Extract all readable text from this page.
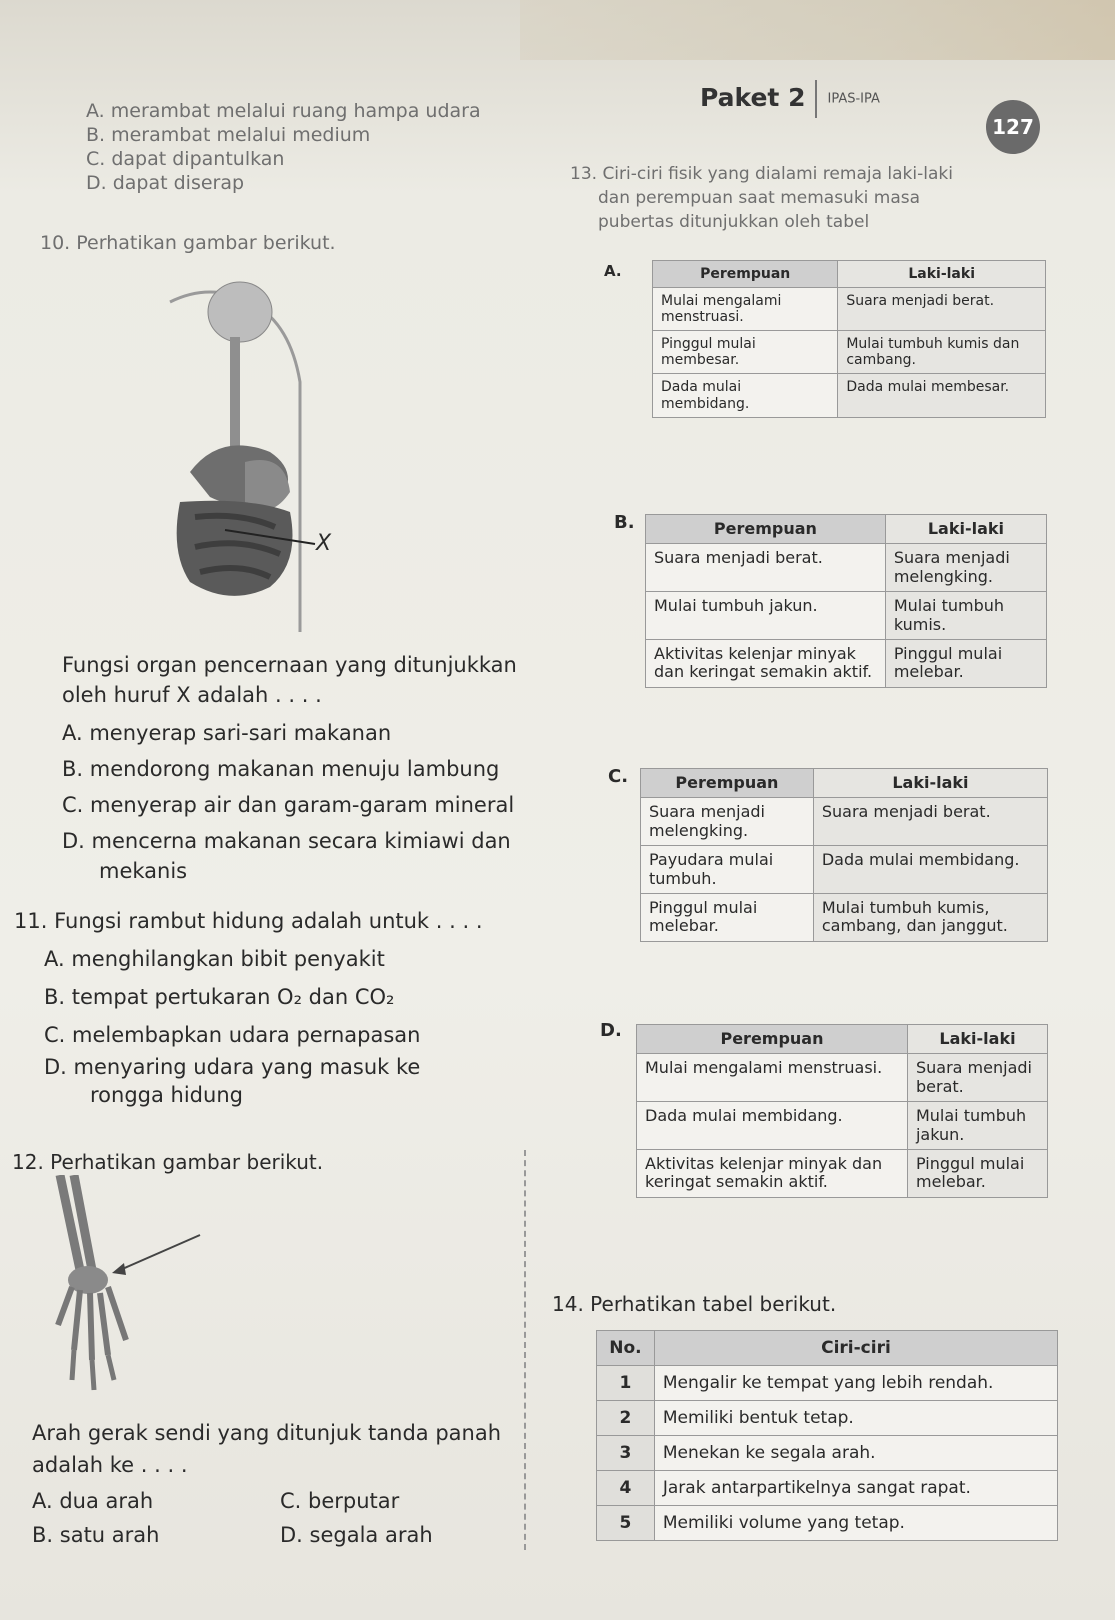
Paket 2 IPAS-IPA
127
A. merambat melalui ruang hampa udara
B. merambat melalui medium
C. dapat dipantulkan
D. dapat diserap
10. Perhatikan gambar berikut.
X
Fungsi organ pencernaan yang ditunjukkan
oleh huruf X adalah . . . .
A. menyerap sari-sari makanan
B. mendorong makanan menuju lambung
C. menyerap air dan garam-garam mineral
D. mencerna makanan secara kimiawi dan
mekanis
11. Fungsi rambut hidung adalah untuk . . . .
A. menghilangkan bibit penyakit
B. tempat pertukaran O₂ dan CO₂
C. melembapkan udara pernapasan
D. menyaring udara yang masuk ke
rongga hidung
12. Perhatikan gambar berikut.
Arah gerak sendi yang ditunjuk tanda panah
adalah ke . . . .
A. dua arah
B. satu arah
C. berputar
D. segala arah
13. Ciri-ciri fisik yang dialami remaja laki-laki
dan perempuan saat memasuki masa
pubertas ditunjukkan oleh tabel
A.	Perempuan	Laki-laki
Mulai mengalami menstruasi.	Suara menjadi berat.
Pinggul mulai membesar.	Mulai tumbuh kumis dan cambang.
Dada mulai membidang.	Dada mulai membesar.
B.	Perempuan	Laki-laki
Suara menjadi berat.	Suara menjadi melengking.
Mulai tumbuh jakun.	Mulai tumbuh kumis.
Aktivitas kelenjar minyak dan keringat semakin aktif.	Pinggul mulai melebar.
C.	Perempuan	Laki-laki
Suara menjadi melengking.	Suara menjadi berat.
Payudara mulai tumbuh.	Dada mulai membidang.
Pinggul mulai melebar.	Mulai tumbuh kumis, cambang, dan janggut.
D.	Perempuan	Laki-laki
Mulai mengalami menstruasi.	Suara menjadi berat.
Dada mulai membidang.	Mulai tumbuh jakun.
Aktivitas kelenjar minyak dan keringat semakin aktif.	Pinggul mulai melebar.
14. Perhatikan tabel berikut.
No.	Ciri-ciri
1	Mengalir ke tempat yang lebih rendah.
2	Memiliki bentuk tetap.
3	Menekan ke segala arah.
4	Jarak antarpartikelnya sangat rapat.
5	Memiliki volume yang tetap.
